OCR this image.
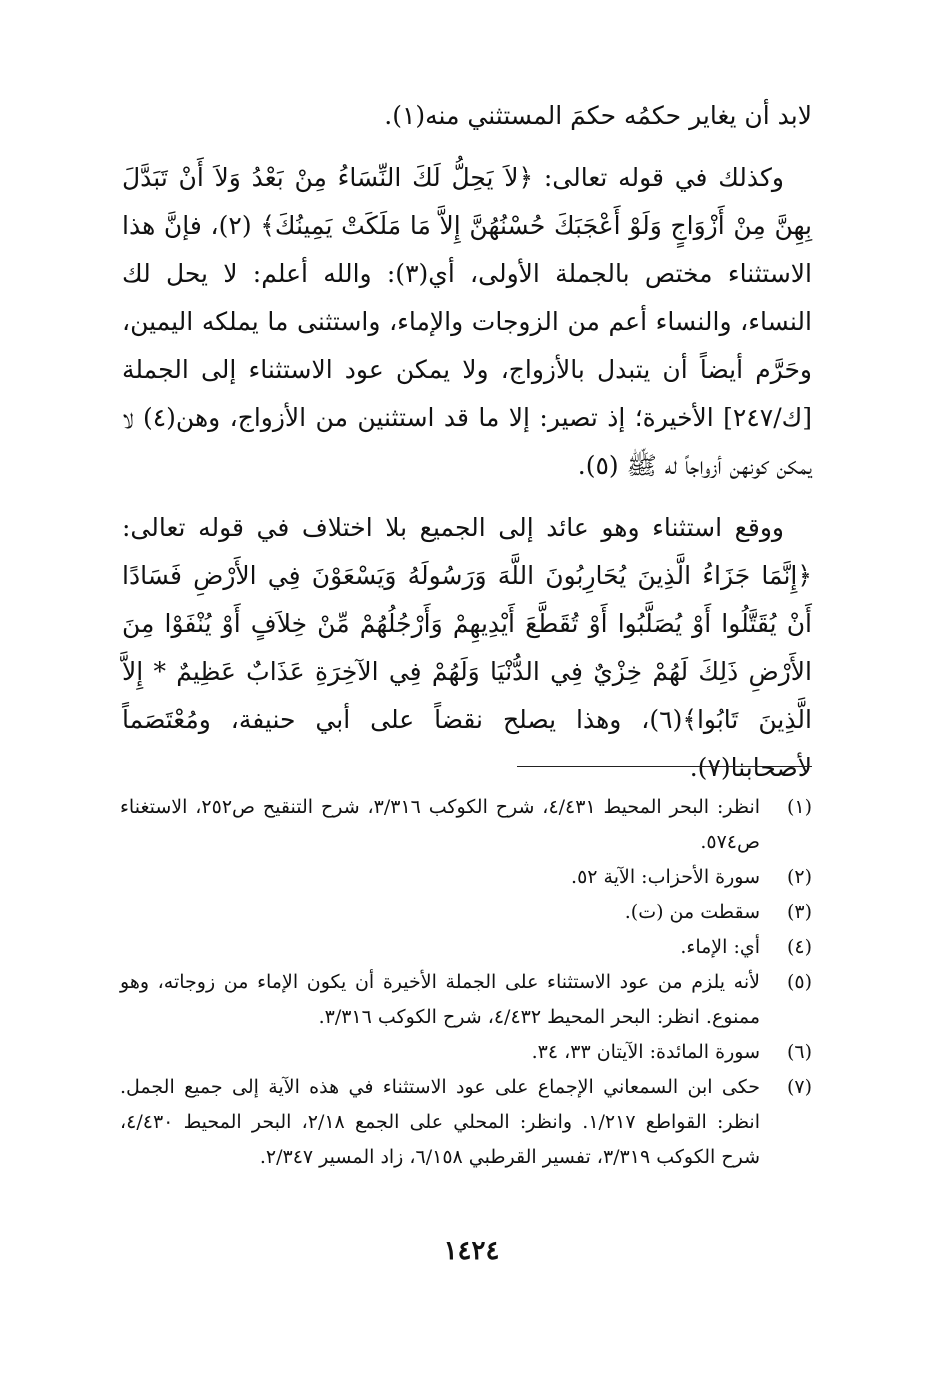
لابد أن يغاير حكمُه حكمَ المستثني منه(١).

وكذلك في قوله تعالى: ﴿لاَ يَحِلُّ لَكَ النِّسَاءُ مِنْ بَعْدُ وَلاَ أَنْ تَبَدَّلَ بِهِنَّ مِنْ أَزْوَاجٍ وَلَوْ أَعْجَبَكَ حُسْنُهُنَّ إِلاَّ مَا مَلَكَتْ يَمِينُكَ﴾ (٢)، فإنَّ هذا الاستثناء مختص بالجملة الأولى، أي(٣): والله أعلم: لا يحل لك النساء، والنساء أعم من الزوجات والإماء، واستثنى ما يملكه اليمين، وحَرَّم أيضاً أن يتبدل بالأزواج، ولا يمكن عود الاستثناء إلى الجملة [ك/٢٤٧] الأخيرة؛ إذ تصير: إلا ما قد استثنين من الأزواج، وهن(٤) لا يمكن كونهن أزواجاً له ﷺ (٥).

ووقع استثناء وهو عائد إلى الجميع بلا اختلاف في قوله تعالى: ﴿إِنَّمَا جَزَاءُ الَّذِينَ يُحَارِبُونَ اللَّهَ وَرَسُولَهُ وَيَسْعَوْنَ فِي الأَرْضِ فَسَادًا أَنْ يُقَتَّلُوا أَوْ يُصَلَّبُوا أَوْ تُقَطَّعَ أَيْدِيهِمْ وَأَرْجُلُهُمْ مِّنْ خِلاَفٍ أَوْ يُنْفَوْا مِنَ الأَرْضِ ذَلِكَ لَهُمْ خِزْيٌ فِي الدُّنْيَا وَلَهُمْ فِي الآخِرَةِ عَذَابٌ عَظِيمٌ * إِلاَّ الَّذِينَ تَابُوا﴾(٦)، وهذا يصلح نقضاً على أبي حنيفة، ومُعْتَصَماً لأصحابنا(٧).

(١)
انظر: البحر المحيط ٤/٤٣١، شرح الكوكب ٣/٣١٦، شرح التنقيح ص٢٥٢، الاستغناء ص٥٧٤.
(٢)
سورة الأحزاب: الآية ٥٢.
(٣)
سقطت من (ت).
(٤)
أي: الإماء.
(٥)
لأنه يلزم من عود الاستثناء على الجملة الأخيرة أن يكون الإماء من زوجاته، وهو ممنوع. انظر: البحر المحيط ٤/٤٣٢، شرح الكوكب ٣/٣١٦.
(٦)
سورة المائدة: الآيتان ٣٣، ٣٤.
(٧)
حكى ابن السمعاني الإجماع على عود الاستثناء في هذه الآية إلى جميع الجمل. انظر: القواطع ١/٢١٧. وانظر: المحلي على الجمع ٢/١٨، البحر المحيط ٤/٤٣٠، شرح الكوكب ٣/٣١٩، تفسير القرطبي ٦/١٥٨، زاد المسير ٢/٣٤٧.
١٤٢٤
